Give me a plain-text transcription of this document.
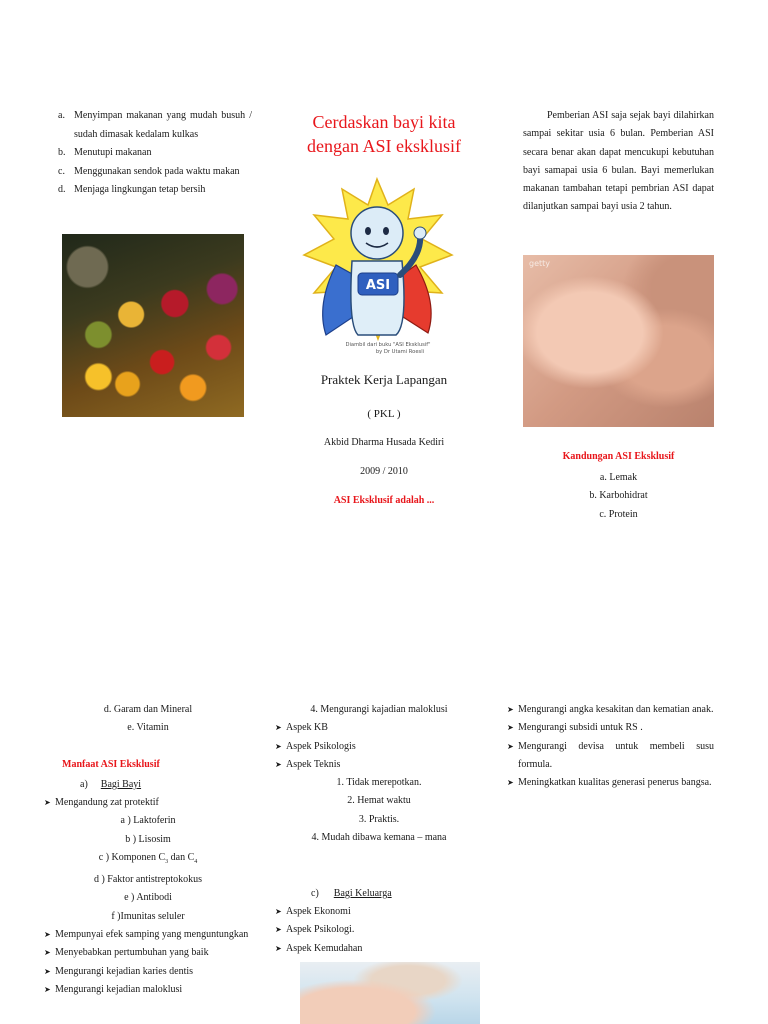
a. Menyimpan makanan yang mudah busuh / sudah dimasak kedalam kulkas
b. Menutupi makanan
c. Menggunakan sendok pada waktu makan
d. Menjaga lingkungan tetap bersih
Cerdaskan bayi kita dengan ASI eksklusif
ASI
Diambil dari buku "ASI Eksklusif"
by Dr Utami Roesli
Praktek Kerja Lapangan
( PKL )
Akbid Dharma Husada Kediri
2009 / 2010
ASI Eksklusif adalah ...
Pemberian ASI saja sejak bayi dilahirkan sampai sekitar usia 6 bulan. Pemberian ASI secara benar akan dapat mencukupi kebutuhan bayi samapai usia 6 bulan. Bayi memerlukan makanan tambahan tetapi pembrian ASI dapat dilanjutkan sampai bayi usia 2 tahun.
getty
Kandungan ASI Eksklusif
a. Lemak
b. Karbohidrat
c. Protein
d. Garam dan Mineral
e. Vitamin
Manfaat ASI Eksklusif
a) Bagi Bayi
➤ Mengandung zat protektif
a ) Laktoferin
b ) Lisosim
c ) Komponen $C_3$ dan $C_4$
d ) Faktor antistreptokokus
e ) Antibodi
f )Imunitas seluler
➤ Mempunyai efek samping yang menguntungkan
➤ Menyebabkan pertumbuhan yang baik
➤ Mengurangi kejadian karies dentis
➤ Mengurangi kejadian maloklusi
4. Mengurangi kajadian maloklusi
➤ Aspek KB
➤ Aspek Psikologis
➤ Aspek Teknis
1. Tidak merepotkan.
2. Hemat waktu
3. Praktis.
4. Mudah dibawa kemana – mana
c) Bagi Keluarga
➤ Aspek Ekonomi
➤ Aspek Psikologi.
➤ Aspek Kemudahan
➤ Mengurangi angka kesakitan dan kematian anak.
➤ Mengurangi subsidi untuk RS .
➤ Mengurangi devisa untuk membeli susu formula.
➤ Meningkatkan kualitas generasi penerus bangsa.
